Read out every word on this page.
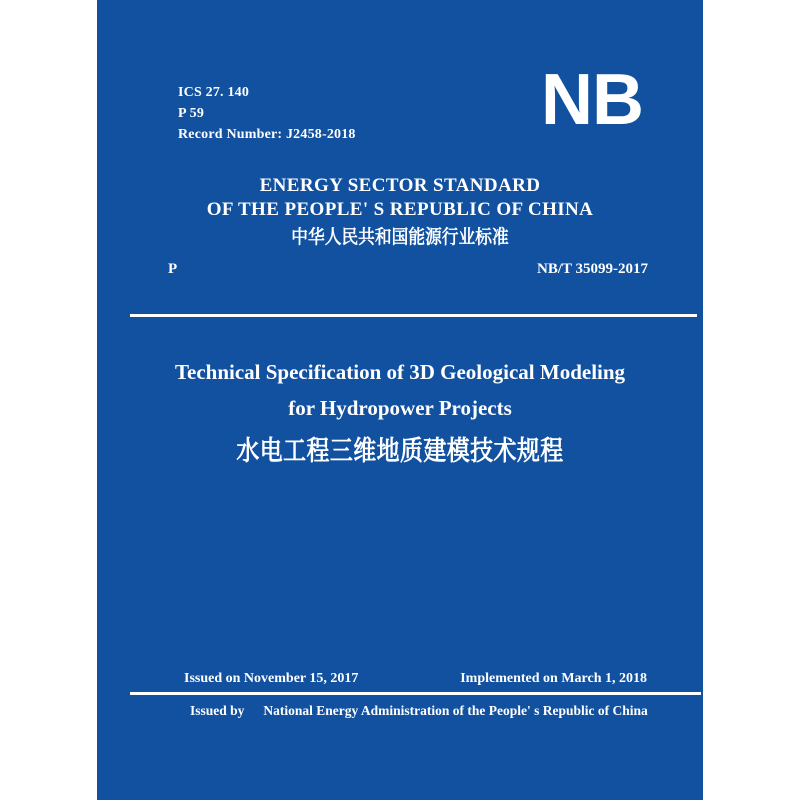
ICS 27. 140
P 59
Record Number: J2458-2018	NB
ENERGY SECTOR STANDARD
OF THE PEOPLE' S REPUBLIC OF CHINA
中华人民共和国能源行业标准
P	NB/T 35099-2017
Technical Specification of 3D Geological Modeling
for Hydropower Projects
水电工程三维地质建模技术规程
Issued on November 15, 2017	Implemented on March 1, 2018
Issued by National Energy Administration of the People' s Republic of China
